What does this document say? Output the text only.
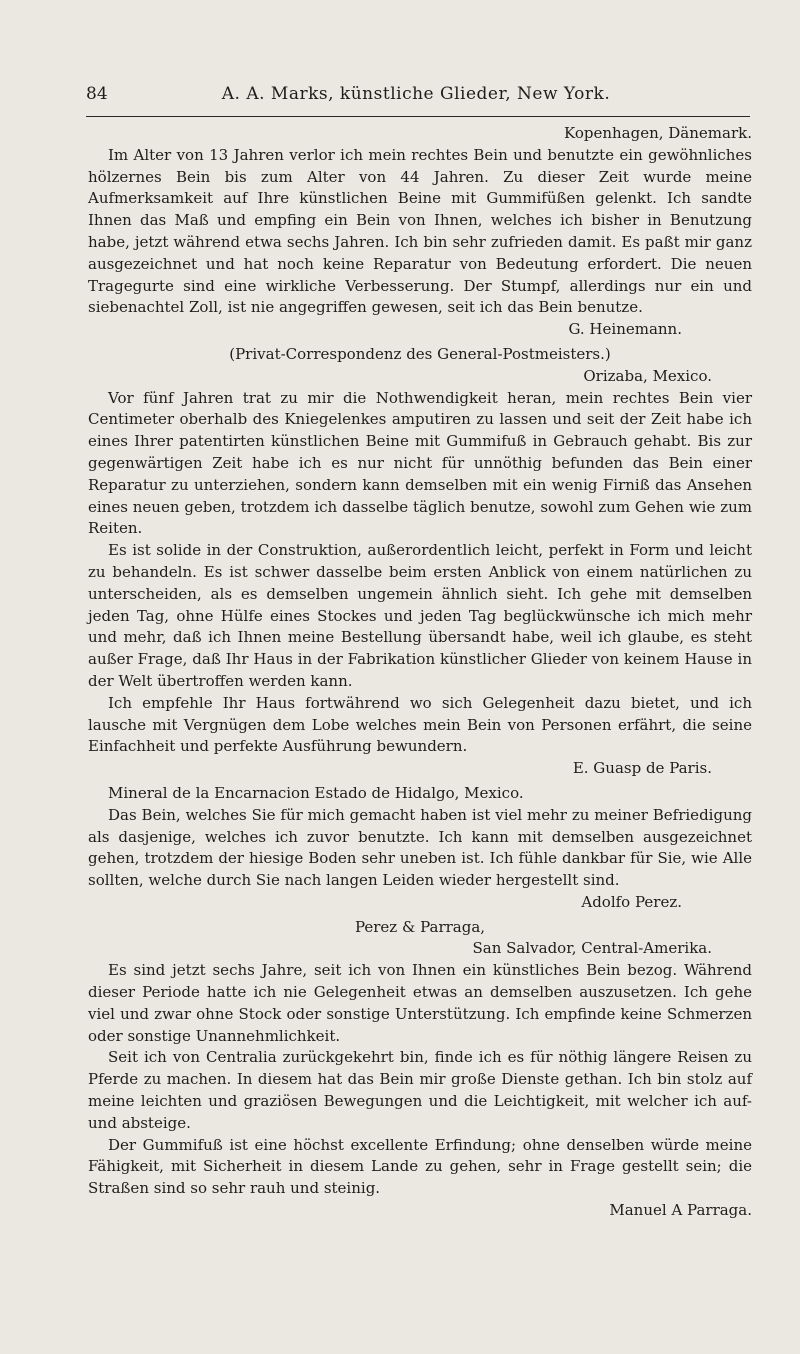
84	A. A. Marks, künstliche Glieder, New York.

Kopenhagen, Dänemark.

Im Alter von 13 Jahren verlor ich mein rechtes Bein und benutzte ein gewöhnliches hölzernes Bein bis zum Alter von 44 Jahren. Zu dieser Zeit wurde meine Aufmerksamkeit auf Ihre künstlichen Beine mit Gummifüßen gelenkt. Ich sandte Ihnen das Maß und empfing ein Bein von Ihnen, welches ich bisher in Benutzung habe, jetzt während etwa sechs Jahren. Ich bin sehr zufrieden damit. Es paßt mir ganz ausgezeichnet und hat noch keine Reparatur von Bedeutung erfordert. Die neuen Tragegurte sind eine wirkliche Verbesserung. Der Stumpf, allerdings nur ein und siebenachtel Zoll, ist nie angegriffen gewesen, seit ich das Bein benutze.

G. Heinemann.

(Privat-Correspondenz des General-Postmeisters.)

Orizaba, Mexico.

Vor fünf Jahren trat zu mir die Nothwendigkeit heran, mein rechtes Bein vier Centimeter oberhalb des Kniegelenkes amputiren zu lassen und seit der Zeit habe ich eines Ihrer patentirten künstlichen Beine mit Gummifuß in Gebrauch gehabt. Bis zur gegenwärtigen Zeit habe ich es nur nicht für unnöthig befunden das Bein einer Reparatur zu unterziehen, sondern kann demselben mit ein wenig Firniß das Ansehen eines neuen geben, trotzdem ich dasselbe täglich benutze, sowohl zum Gehen wie zum Reiten.

Es ist solide in der Construktion, außerordentlich leicht, perfekt in Form und leicht zu behandeln. Es ist schwer dasselbe beim ersten Anblick von einem natürlichen zu unterscheiden, als es demselben ungemein ähnlich sieht. Ich gehe mit demselben jeden Tag, ohne Hülfe eines Stockes und jeden Tag beglückwünsche ich mich mehr und mehr, daß ich Ihnen meine Bestellung übersandt habe, weil ich glaube, es steht außer Frage, daß Ihr Haus in der Fabrikation künstlicher Glieder von keinem Hause in der Welt übertroffen werden kann.

Ich empfehle Ihr Haus fortwährend wo sich Gelegenheit dazu bietet, und ich lausche mit Vergnügen dem Lobe welches mein Bein von Personen erfährt, die seine Einfachheit und perfekte Ausführung bewundern.

E. Guasp de Paris.

Mineral de la Encarnacion Estado de Hidalgo, Mexico.

Das Bein, welches Sie für mich gemacht haben ist viel mehr zu meiner Befriedigung als dasjenige, welches ich zuvor benutzte. Ich kann mit demselben ausgezeichnet gehen, trotzdem der hiesige Boden sehr uneben ist. Ich fühle dankbar für Sie, wie Alle sollten, welche durch Sie nach langen Leiden wieder hergestellt sind.

Adolfo Perez.

Perez & Parraga,

San Salvador, Central-Amerika.

Es sind jetzt sechs Jahre, seit ich von Ihnen ein künstliches Bein bezog. Während dieser Periode hatte ich nie Gelegenheit etwas an demselben auszusetzen. Ich gehe viel und zwar ohne Stock oder sonstige Unterstützung. Ich empfinde keine Schmerzen oder sonstige Unannehmlichkeit.

Seit ich von Centralia zurückgekehrt bin, finde ich es für nöthig längere Reisen zu Pferde zu machen. In diesem hat das Bein mir große Dienste gethan. Ich bin stolz auf meine leichten und graziösen Bewegungen und die Leichtigkeit, mit welcher ich auf- und absteige.

Der Gummifuß ist eine höchst excellente Erfindung; ohne denselben würde meine Fähigkeit, mit Sicherheit in diesem Lande zu gehen, sehr in Frage gestellt sein; die Straßen sind so sehr rauh und steinig.

Manuel A Parraga.
